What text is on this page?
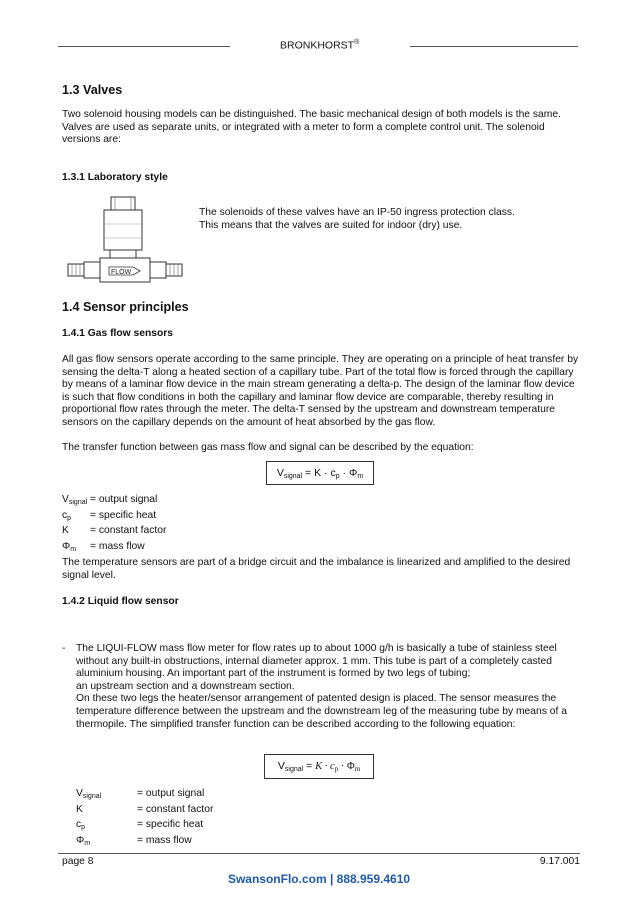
BRONKHORST®
1.3 Valves
Two solenoid housing models can be distinguished. The basic mechanical design of both models is the same. Valves are used as separate units, or integrated with a meter to form a complete control unit. The solenoid versions are:
1.3.1 Laboratory style
FLOW
The solenoids of these valves have an IP-50 ingress protection class.
This means that the valves are suited for indoor (dry) use.
1.4 Sensor principles
1.4.1 Gas flow sensors
All gas flow sensors operate according to the same principle. They are operating on a principle of heat transfer by sensing the delta-T along a heated section of a capillary tube. Part of the total flow is forced through the capillary by means of a laminar flow device in the main stream generating a delta-p. The design of the laminar flow device is such that flow conditions in both the capillary and laminar flow device are comparable, thereby resulting in proportional flow rates through the meter. The delta-T sensed by the upstream and downstream temperature sensors on the capillary depends on the amount of heat absorbed by the gas flow.
The transfer function between gas mass flow and signal can be described by the equation:
$V_{signal} = K \cdot c_p \cdot \Phi_m$
$V_{signal}$ = output signal
$c_p$	= specific heat
K	= constant factor
$\Phi_m$	= mass flow
The temperature sensors are part of a bridge circuit and the imbalance is linearized and amplified to the desired signal level.
1.4.2 Liquid flow sensor
- The LIQUI-FLOW mass flow meter for flow rates up to about 1000 g/h is basically a tube of stainless steel without any built-in obstructions, internal diameter approx. 1 mm. This tube is part of a completely casted aluminium housing. An important part of the instrument is formed by two legs of tubing;
an upstream section and a downstream section.
On these two legs the heater/sensor arrangement of patented design is placed. The sensor measures the temperature difference between the upstream and the downstream leg of the measuring tube by means of a thermopile. The simplified transfer function can be described according to the following equation:
$V_{signal} = K \cdot c_p \cdot \Phi_m$
$V_{signal}$	= output signal
K	= constant factor
$c_p$	= specific heat
$\Phi_m$	= mass flow
page 8	9.17.001
SwansonFlo.com | 888.959.4610
